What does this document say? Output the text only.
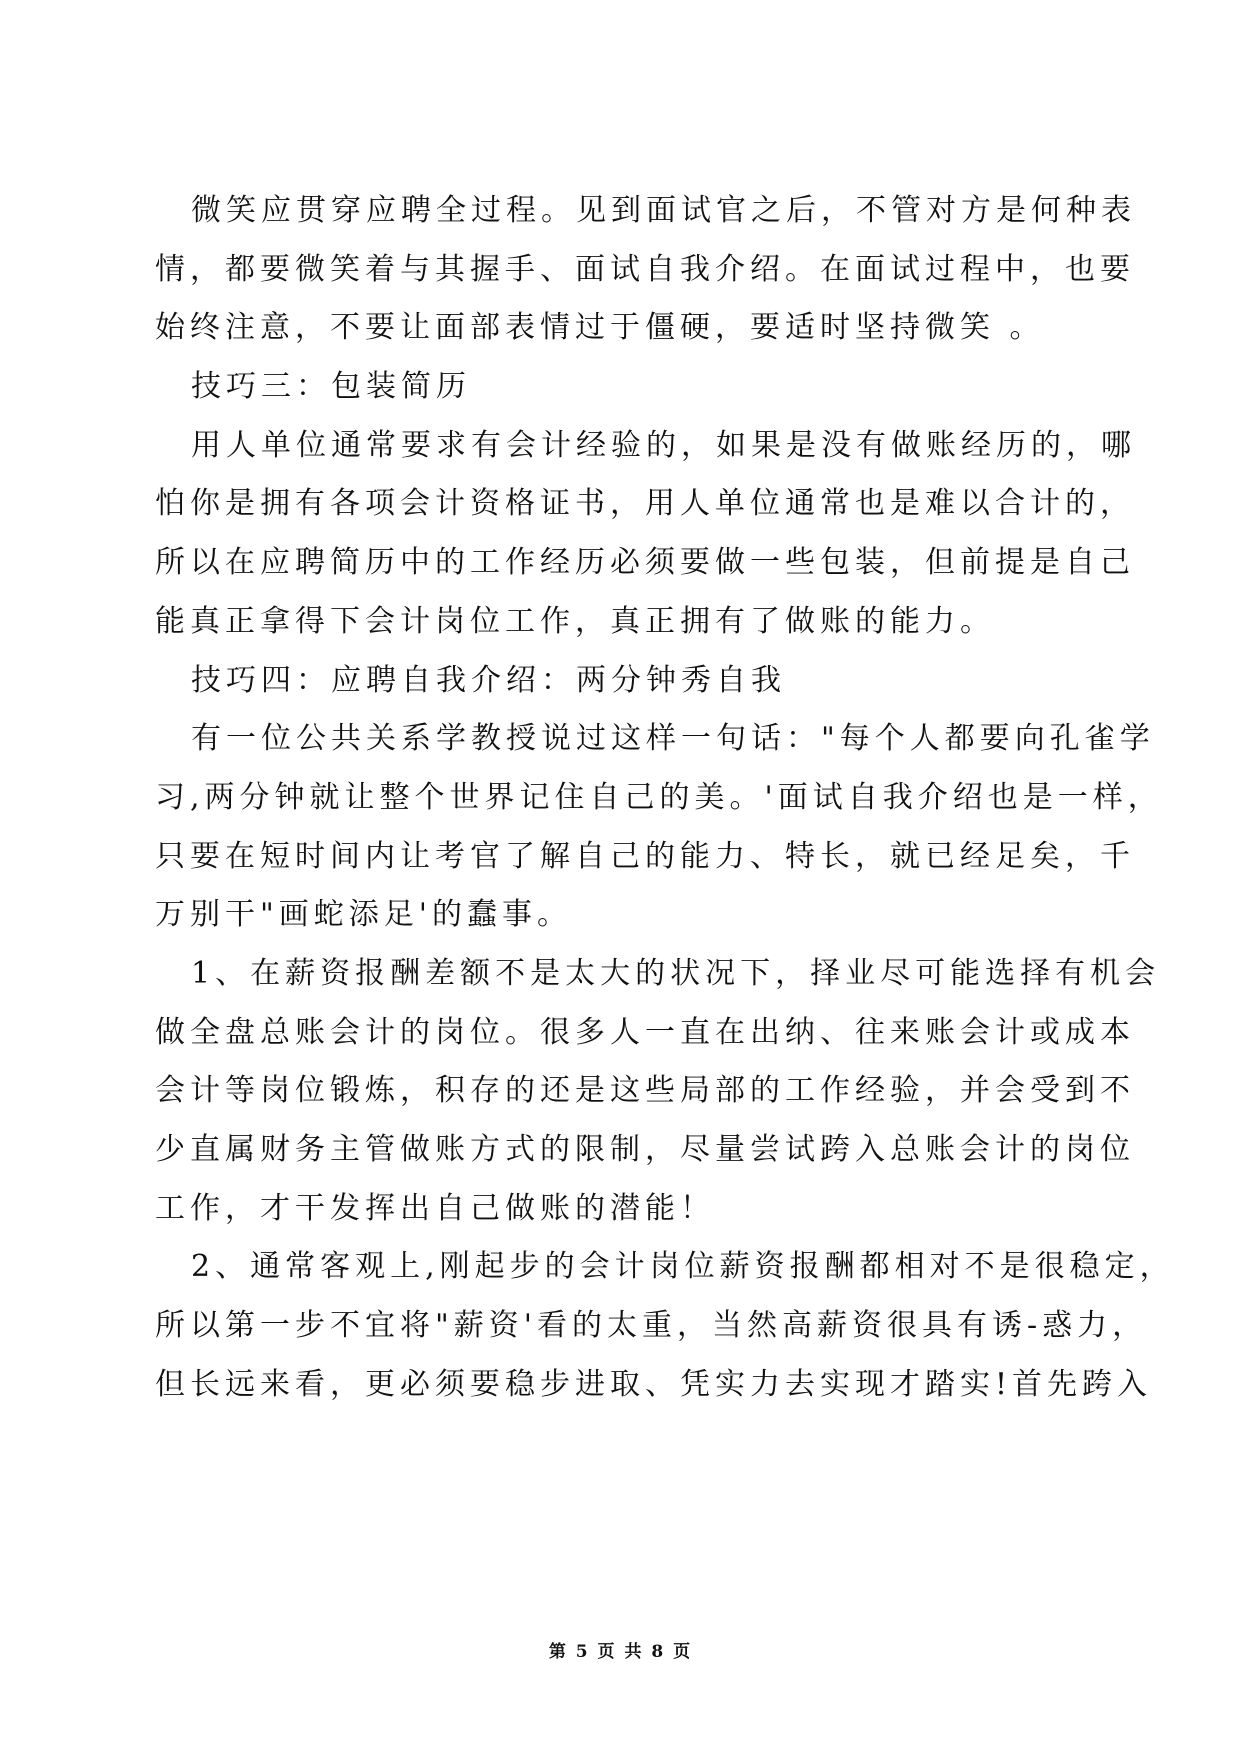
微笑应贯穿应聘全过程。见到面试官之后，不管对方是何种表
情，都要微笑着与其握手、面试自我介绍。在面试过程中，也要
始终注意，不要让面部表情过于僵硬，要适时坚持微笑 。
技巧三：包装简历
用人单位通常要求有会计经验的，如果是没有做账经历的，哪
怕你是拥有各项会计资格证书，用人单位通常也是难以合计的，
所以在应聘简历中的工作经历必须要做一些包装，但前提是自己
能真正拿得下会计岗位工作，真正拥有了做账的能力。
技巧四：应聘自我介绍：两分钟秀自我
有一位公共关系学教授说过这样一句话："每个人都要向孔雀学
习,两分钟就让整个世界记住自己的美。'面试自我介绍也是一样，
只要在短时间内让考官了解自己的能力、特长，就已经足矣，千
万别干"画蛇添足'的蠢事。
1、在薪资报酬差额不是太大的状况下，择业尽可能选择有机会
做全盘总账会计的岗位。很多人一直在出纳、往来账会计或成本
会计等岗位锻炼，积存的还是这些局部的工作经验，并会受到不
少直属财务主管做账方式的限制，尽量尝试跨入总账会计的岗位
工作，才干发挥出自己做账的潜能！
2、通常客观上,刚起步的会计岗位薪资报酬都相对不是很稳定，
所以第一步不宜将"薪资'看的太重，当然高薪资很具有诱-惑力，
但长远来看，更必须要稳步进取、凭实力去实现才踏实!首先跨入
第 5 页 共 8 页
